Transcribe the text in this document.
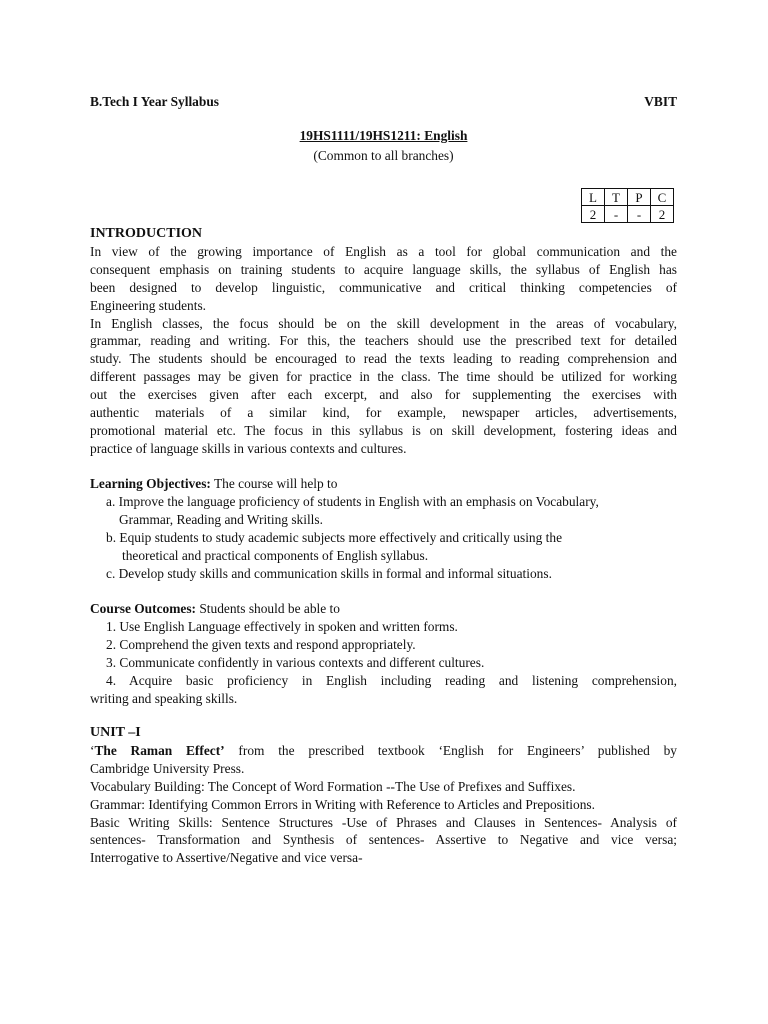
B.Tech I Year Syllabus	VBIT
19HS1111/19HS1211: English
(Common to all branches)
L	T	P	C
2	-	-	2
INTRODUCTION
In view of the growing importance of English as a tool for global communication and the
consequent emphasis on training students to acquire language skills, the syllabus of English has
been designed to develop linguistic, communicative and critical thinking competencies of
Engineering students.
In English classes, the focus should be on the skill development in the areas of vocabulary,
grammar, reading and writing. For this, the teachers should use the prescribed text for detailed
study. The students should be encouraged to read the texts leading to reading comprehension and
different passages may be given for practice in the class. The time should be utilized for working
out the exercises given after each excerpt, and also for supplementing the exercises with
authentic materials of a similar kind, for example, newspaper articles, advertisements,
promotional material etc. The focus in this syllabus is on skill development, fostering ideas and
practice of language skills in various contexts and cultures.
Learning Objectives: The course will help to
a. Improve the language proficiency of students in English with an emphasis on Vocabulary,
Grammar, Reading and Writing skills.
b. Equip students to study academic subjects more effectively and critically using the
theoretical and practical components of English syllabus.
c. Develop study skills and communication skills in formal and informal situations.
Course Outcomes: Students should be able to
1. Use English Language effectively in spoken and written forms.
2. Comprehend the given texts and respond appropriately.
3. Communicate confidently in various contexts and different cultures.
4. Acquire basic proficiency in English including reading and listening comprehension,
writing and speaking skills.
UNIT –I
‘The Raman Effect’ from the prescribed textbook ‘English for Engineers’ published by
Cambridge University Press.
Vocabulary Building: The Concept of Word Formation --The Use of Prefixes and Suffixes.
Grammar: Identifying Common Errors in Writing with Reference to Articles and Prepositions.
Basic Writing Skills: Sentence Structures -Use of Phrases and Clauses in Sentences- Analysis of
sentences- Transformation and Synthesis of sentences- Assertive to Negative and vice versa;
Interrogative to Assertive/Negative and vice versa-
